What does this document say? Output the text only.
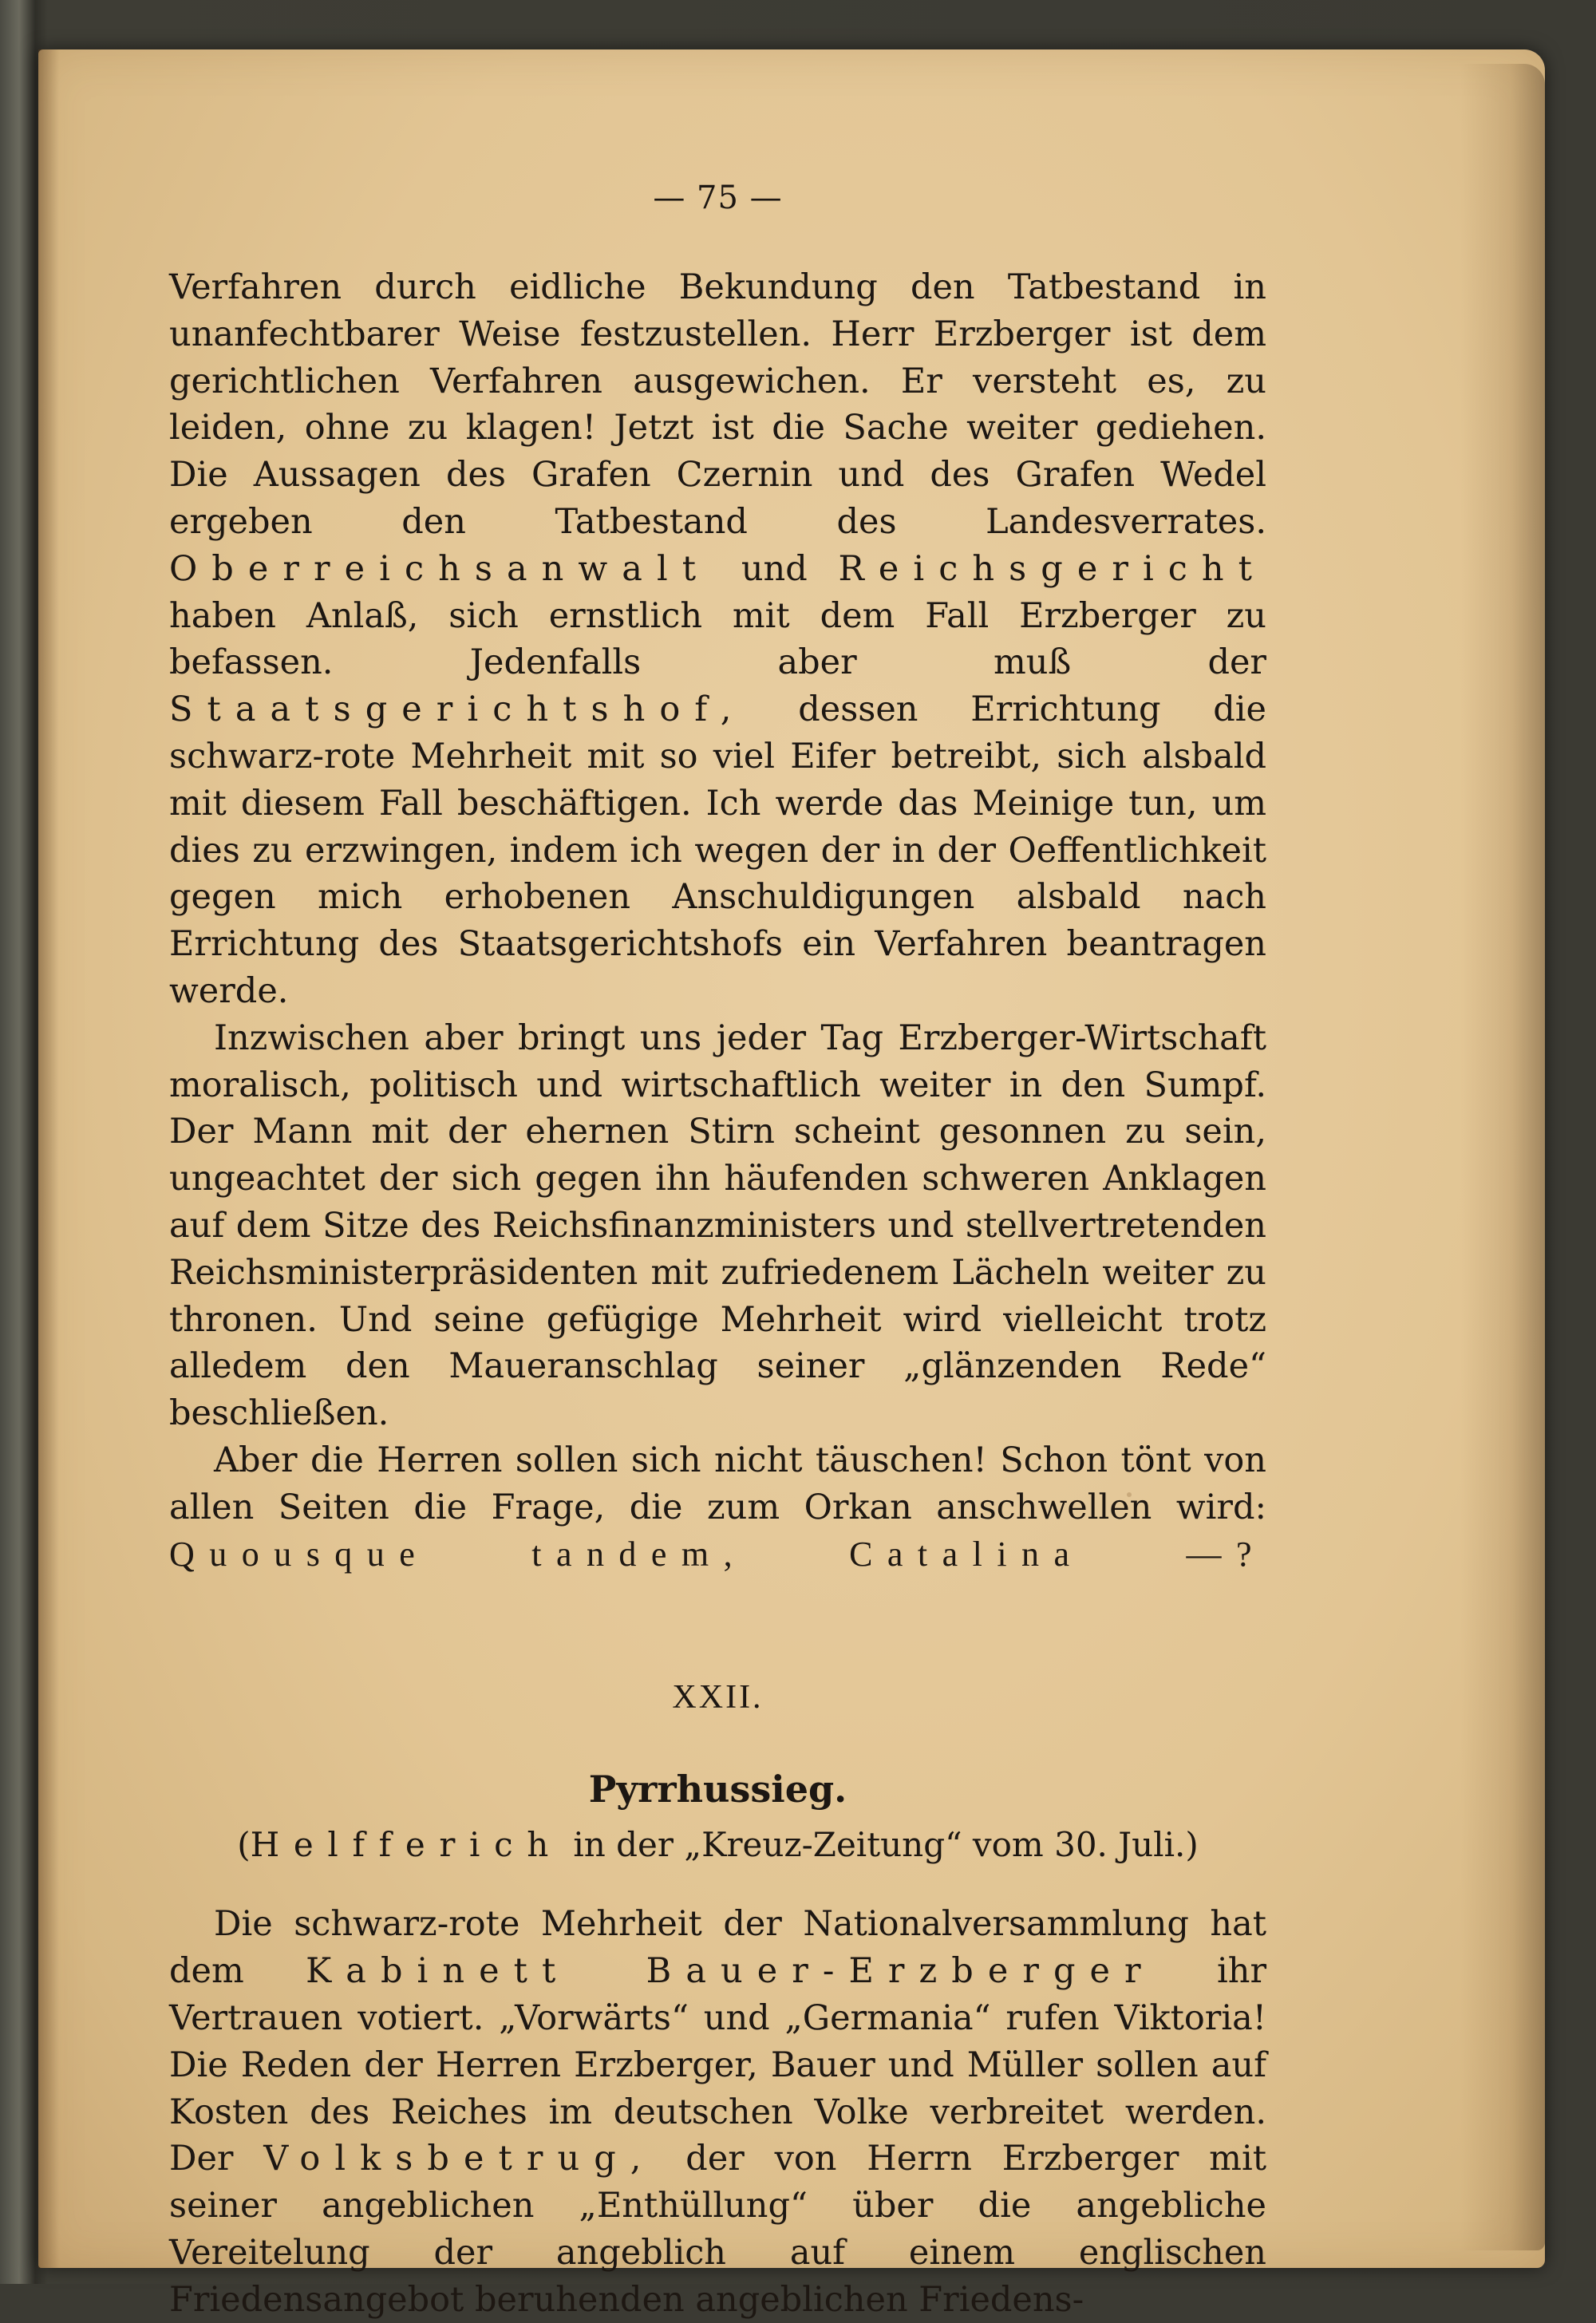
— 75 —

Verfahren durch eidliche Bekundung den Tatbestand in unanfechtbarer Weise festzustellen. Herr Erzberger ist dem gerichtlichen Verfahren ausgewichen. Er versteht es, zu leiden, ohne zu klagen! Jetzt ist die Sache weiter gediehen. Die Aussagen des Grafen Czernin und des Grafen Wedel ergeben den Tatbestand des Landesverrates. Oberreichsanwalt und Reichsgericht haben Anlaß, sich ernstlich mit dem Fall Erzberger zu befassen. Jedenfalls aber muß der Staatsgerichtshof, dessen Errichtung die schwarz-rote Mehrheit mit so viel Eifer betreibt, sich alsbald mit diesem Fall beschäftigen. Ich werde das Meinige tun, um dies zu erzwingen, indem ich wegen der in der Oeffentlichkeit gegen mich erhobenen Anschuldigungen alsbald nach Errichtung des Staatsgerichtshofs ein Verfahren beantragen werde.

Inzwischen aber bringt uns jeder Tag Erzberger-Wirtschaft moralisch, politisch und wirtschaftlich weiter in den Sumpf. Der Mann mit der ehernen Stirn scheint gesonnen zu sein, ungeachtet der sich gegen ihn häufenden schweren Anklagen auf dem Sitze des Reichsfinanzministers und stellvertretenden Reichsministerpräsidenten mit zufriedenem Lächeln weiter zu thronen. Und seine gefügige Mehrheit wird vielleicht trotz alledem den Maueranschlag seiner „glänzenden Rede“ beschließen.

Aber die Herren sollen sich nicht täuschen! Schon tönt von allen Seiten die Frage, die zum Orkan anschwellen wird: Quousque tandem, Catalina —?

XXII.
Pyrrhussieg.
(Helfferich in der „Kreuz-Zeitung“ vom 30. Juli.)

Die schwarz-rote Mehrheit der Nationalversammlung hat dem Kabinett Bauer-Erzberger ihr Vertrauen votiert. „Vorwärts“ und „Germania“ rufen Viktoria! Die Reden der Herren Erzberger, Bauer und Müller sollen auf Kosten des Reiches im deutschen Volke verbreitet werden. Der Volksbetrug, der von Herrn Erzberger mit seiner angeblichen „Enthüllung“ über die angebliche Vereitelung der angeblich auf einem englischen Friedensangebot beruhenden angeblichen Friedens-
